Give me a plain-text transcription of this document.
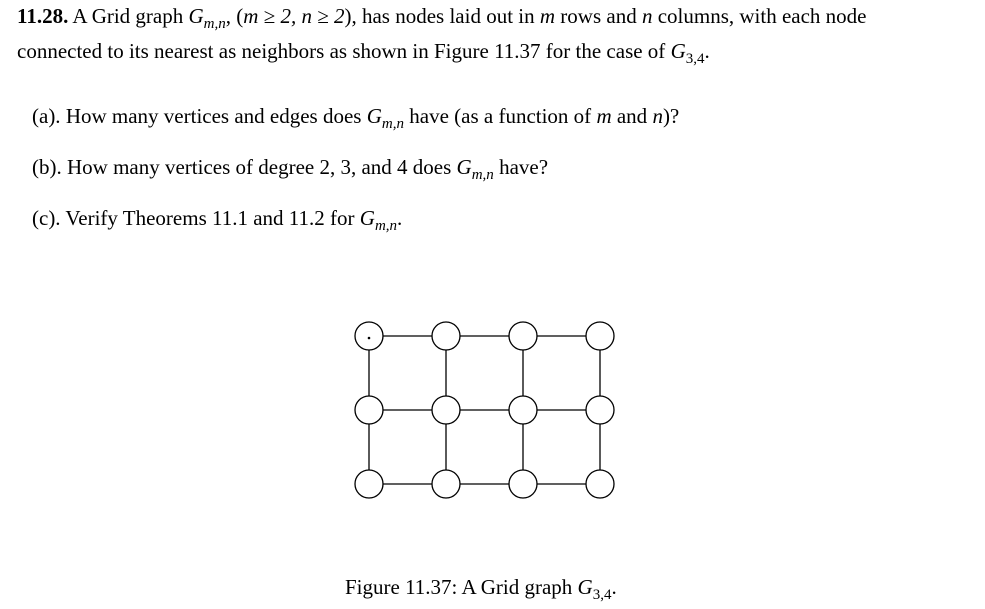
11.28. A Grid graph $G_{m,n}$, (m ≥ 2, n ≥ 2), has nodes laid out in m rows and n columns, with each node
connected to its nearest as neighbors as shown in Figure 11.37 for the case of $G_{3,4}$.
(a). How many vertices and edges does $G_{m,n}$ have (as a function of m and n)?
(b). How many vertices of degree 2, 3, and 4 does $G_{m,n}$ have?
(c). Verify Theorems 11.1 and 11.2 for $G_{m,n}$.
Figure 11.37: A Grid graph $G_{3,4}$.
